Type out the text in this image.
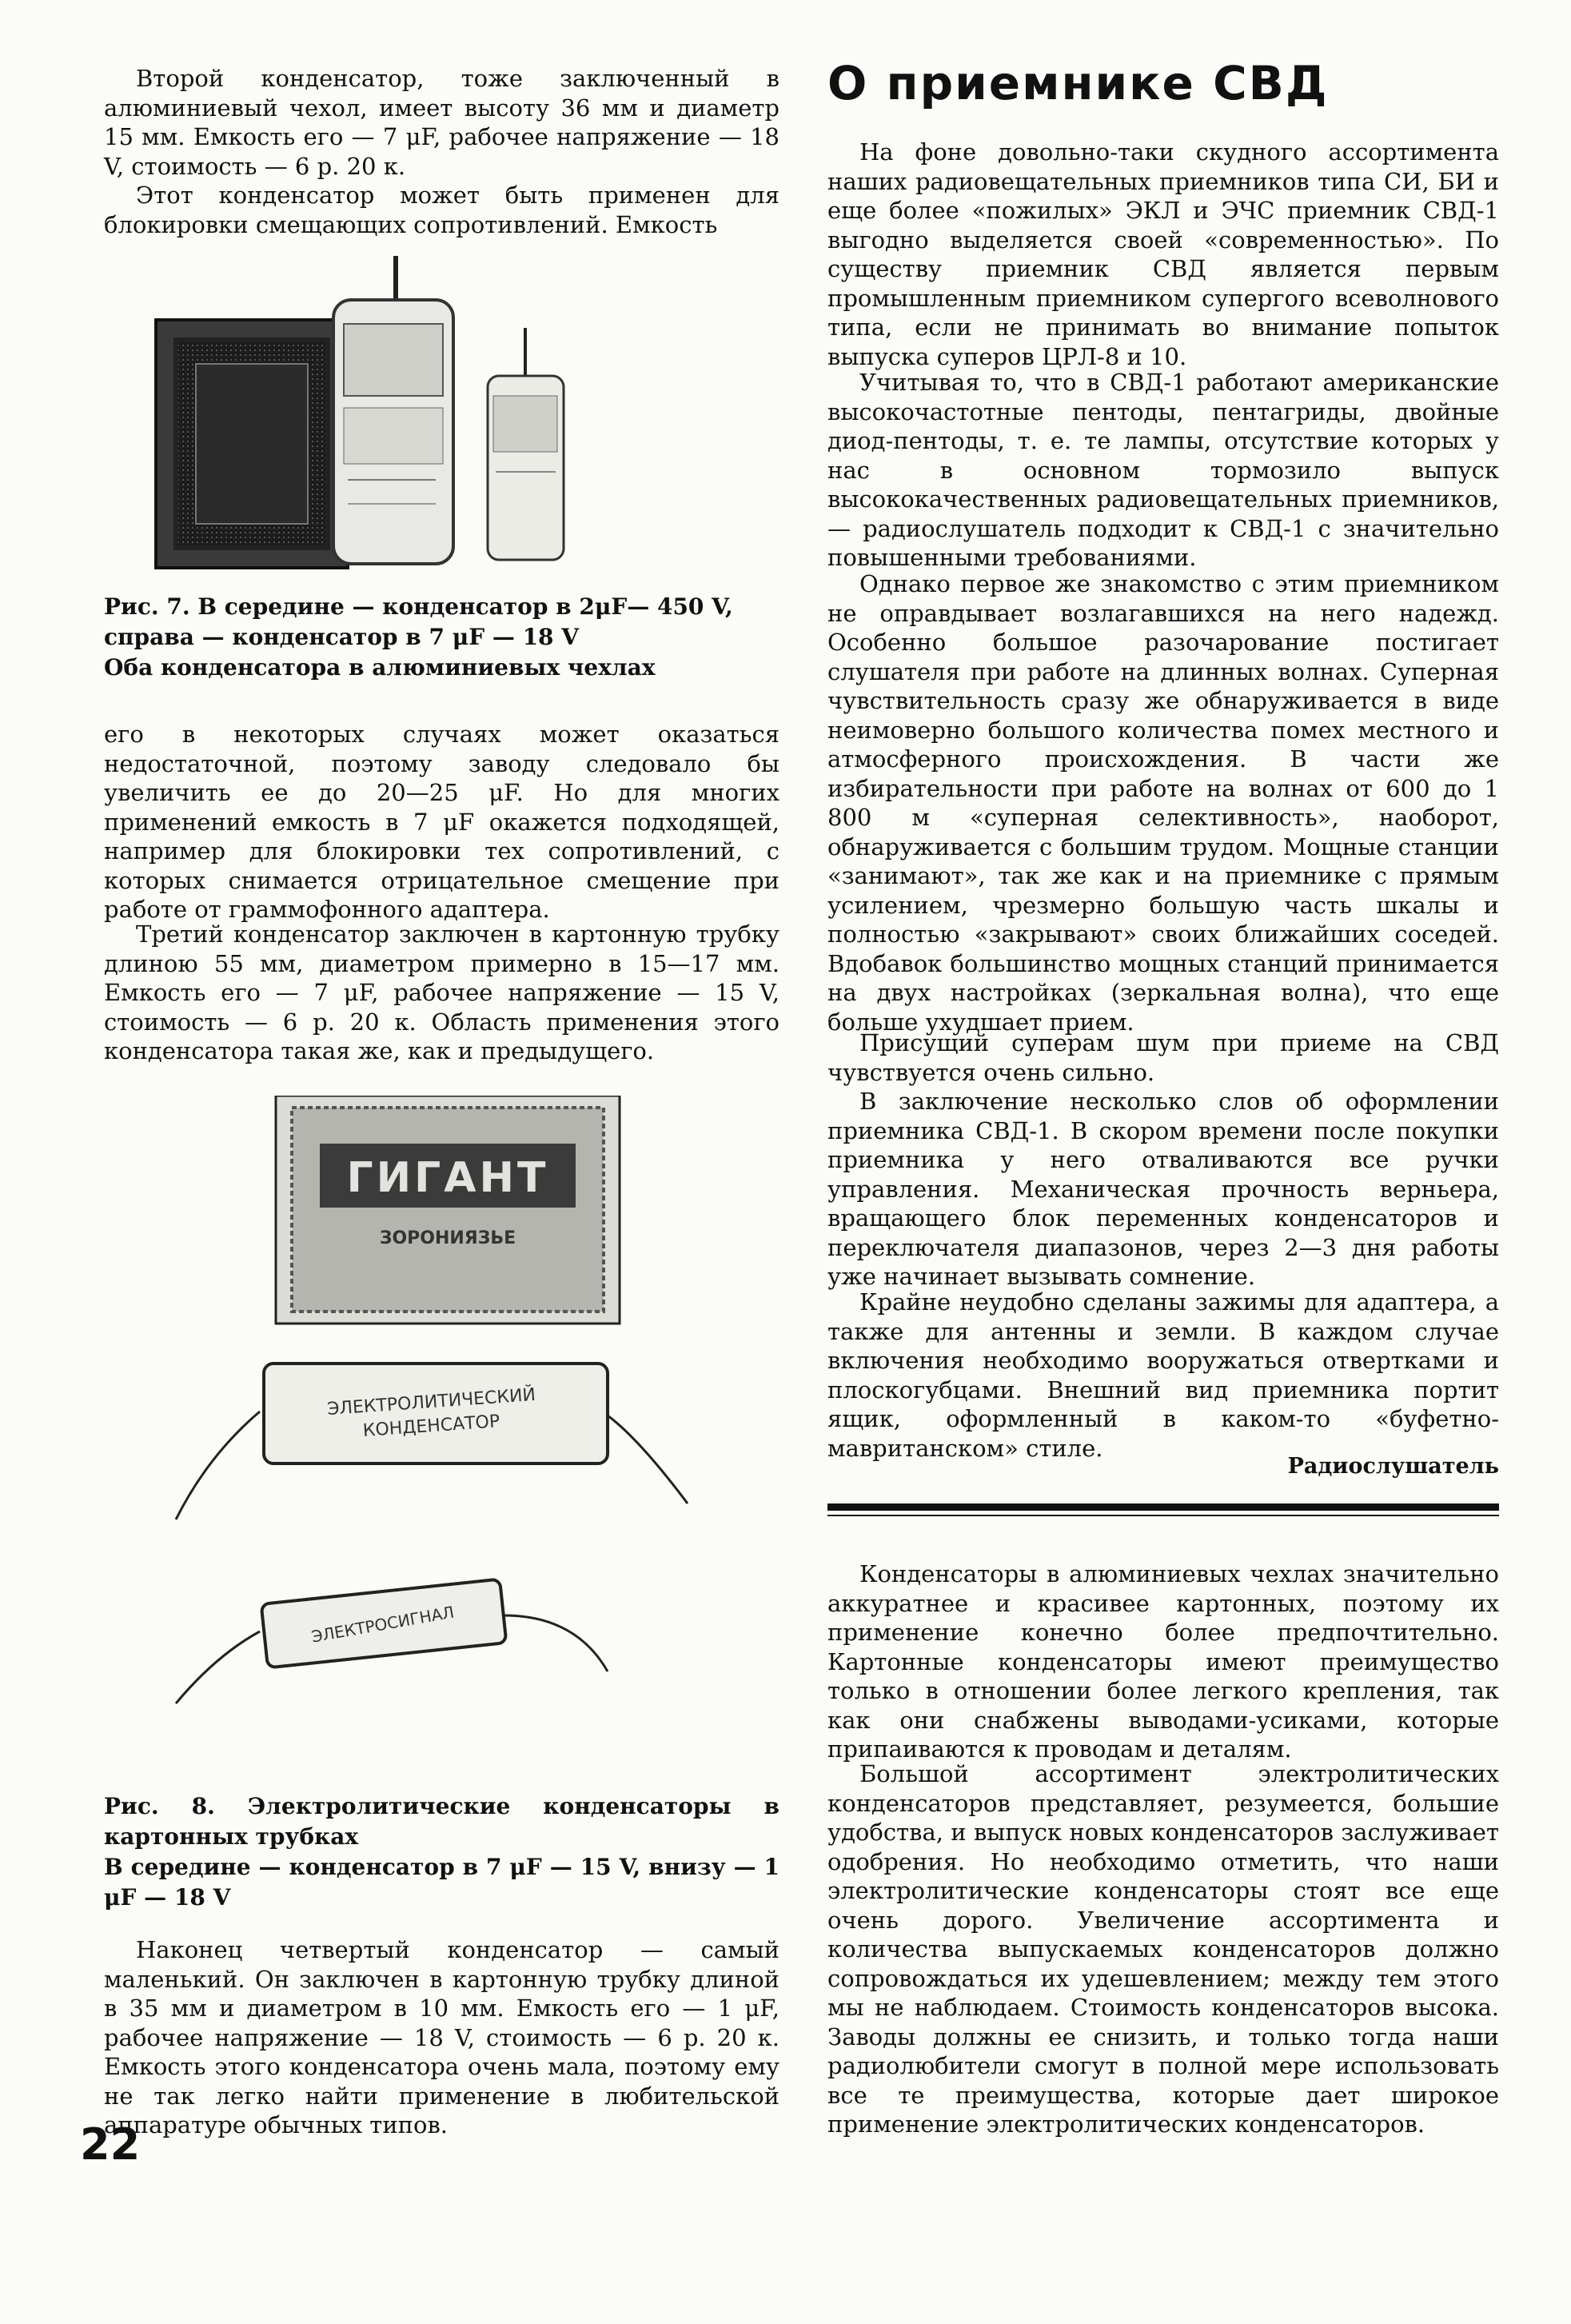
Второй конденсатор, тоже заключенный в алюминиевый чехол, имеет высоту 36 мм и диаметр 15 мм. Емкость его — 7 μF, рабочее напряжение — 18 V, стоимость — 6 р. 20 к.

Этот конденсатор может быть применен для блокировки смещающих сопротивлений. Емкость

Рис. 7. В середине — конденсатор в 2μF— 450 V,
справа — конденсатор в 7 μF — 18 V
Оба конденсатора в алюминиевых чехлах

его в некоторых случаях может оказаться недостаточной, поэтому заводу следовало бы увеличить ее до 20—25 μF. Но для многих применений емкость в 7 μF окажется подходящей, например для блокировки тех сопротивлений, с которых снимается отрицательное смещение при работе от граммофонного адаптера.

Третий конденсатор заключен в картонную трубку длиною 55 мм, диаметром примерно в 15—17 мм. Емкость его — 7 μF, рабочее напряжение — 15 V, стоимость — 6 р. 20 к. Область применения этого конденсатора такая же, как и предыдущего.

ГИГАНТ
ЗОРОНИЯЗЬЕ
ЭЛЕКТРОЛИТИЧЕСКИЙ
КОНДЕНСАТОР
ЭЛЕКТРОСИГНАЛ
Рис. 8. Электролитические конденсаторы в картонных трубках
В середине — конденсатор в 7 μF — 15 V, внизу — 1 μF — 18 V

Наконец четвертый конденсатор — самый маленький. Он заключен в картонную трубку длиной в 35 мм и диаметром в 10 мм. Емкость его — 1 μF, рабочее напряжение — 18 V, стоимость — 6 р. 20 к. Емкость этого конденсатора очень мала, поэтому ему не так легко найти применение в любительской аппаратуре обычных типов.

О приемнике СВД

На фоне довольно-таки скудного ассортимента наших радиовещательных приемников типа СИ, БИ и еще более «пожилых» ЭКЛ и ЭЧС приемник СВД-1 выгодно выделяется своей «современностью». По существу приемник СВД является первым промышленным приемником супергого всеволнового типа, если не принимать во внимание попыток выпуска суперов ЦРЛ-8 и 10.

Учитывая то, что в СВД-1 работают американские высокочастотные пентоды, пентагриды, двойные диод-пентоды, т. е. те лампы, отсутствие которых у нас в основном тормозило выпуск высококачественных радиовещательных приемников, — радиослушатель подходит к СВД-1 с значительно повышенными требованиями.

Однако первое же знакомство с этим приемником не оправдывает возлагавшихся на него надежд. Особенно большое разочарование постигает слушателя при работе на длинных волнах. Суперная чувствительность сразу же обнаруживается в виде неимоверно большого количества помех местного и атмосферного происхождения. В части же избирательности при работе на волнах от 600 до 1 800 м «суперная селективность», наоборот, обнаруживается с большим трудом. Мощные станции «занимают», так же как и на приемнике с прямым усилением, чрезмерно большую часть шкалы и полностью «закрывают» своих ближайших соседей. Вдобавок большинство мощных станций принимается на двух настройках (зеркальная волна), что еще больше ухудшает прием.

Присущий суперам шум при приеме на СВД чувствуется очень сильно.

В заключение несколько слов об оформлении приемника СВД-1. В скором времени после покупки приемника у него отваливаются все ручки управления. Механическая прочность верньера, вращающего блок переменных конденсаторов и переключателя диапазонов, через 2—3 дня работы уже начинает вызывать сомнение.

Крайне неудобно сделаны зажимы для адаптера, а также для антенны и земли. В каждом случае включения необходимо вооружаться отвертками и плоскогубцами. Внешний вид приемника портит ящик, оформленный в каком-то «буфетно-мавританском» стиле.

Радиослушатель

Конденсаторы в алюминиевых чехлах значительно аккуратнее и красивее картонных, поэтому их применение конечно более предпочтительно. Картонные конденсаторы имеют преимущество только в отношении более легкого крепления, так как они снабжены выводами-усиками, которые припаиваются к проводам и деталям.

Большой ассортимент электролитических конденсаторов представляет, резумеется, большие удобства, и выпуск новых конденсаторов заслуживает одобрения. Но необходимо отметить, что наши электролитические конденсаторы стоят все еще очень дорого. Увеличение ассортимента и количества выпускаемых конденсаторов должно сопровождаться их удешевлением; между тем этого мы не наблюдаем. Стоимость конденсаторов высока. Заводы должны ее снизить, и только тогда наши радиолюбители смогут в полной мере использовать все те преимущества, которые дает широкое применение электролитических конденсаторов.

22
